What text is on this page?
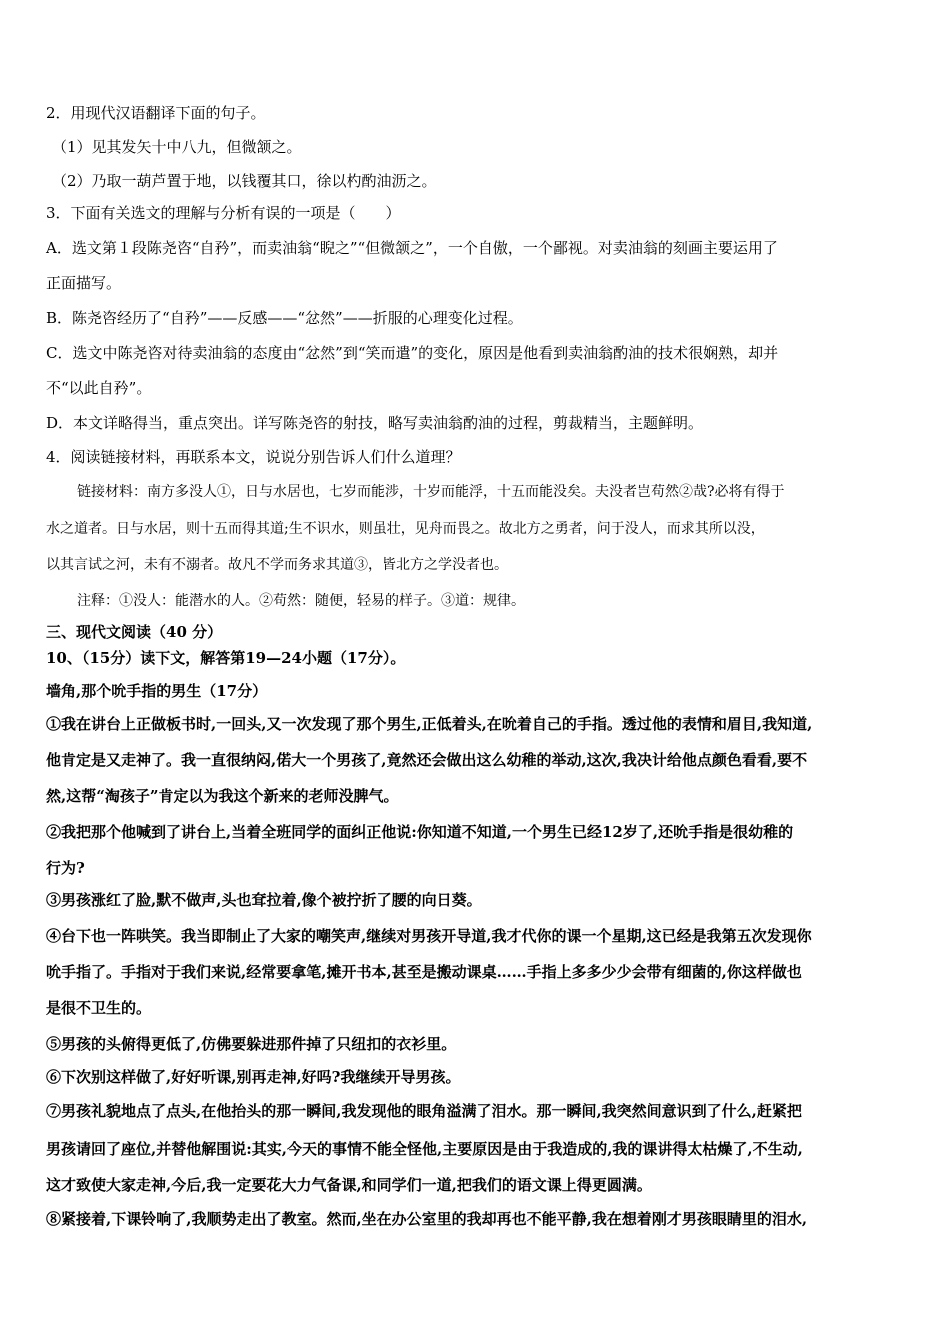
2．用现代汉语翻译下面的句子。
（1）见其发矢十中八九，但微颔之。
（2）乃取一葫芦置于地，以钱覆其口，徐以杓酌油沥之。
3．下面有关选文的理解与分析有误的一项是（　　）
A．选文第１段陈尧咨“自矜”，而卖油翁“睨之”“但微颔之”，一个自傲，一个鄙视。对卖油翁的刻画主要运用了
正面描写。
B．陈尧咨经历了“自矜”——反感——“忿然”——折服的心理变化过程。
C．选文中陈尧咨对待卖油翁的态度由“忿然”到“笑而遣”的变化，原因是他看到卖油翁酌油的技术很娴熟，却并
不“以此自矜”。
D．本文详略得当，重点突出。详写陈尧咨的射技，略写卖油翁酌油的过程，剪裁精当，主题鲜明。
4．阅读链接材料，再联系本文，说说分别告诉人们什么道理？
链接材料：南方多没人①，日与水居也，七岁而能涉，十岁而能浮，十五而能没矣。夫没者岂苟然②哉?必将有得于
水之道者。日与水居，则十五而得其道;生不识水，则虽壮，见舟而畏之。故北方之勇者，问于没人，而求其所以没，
以其言试之河，未有不溺者。故凡不学而务求其道③，皆北方之学没者也。
注释：①没人：能潜水的人。②苟然：随便，轻易的样子。③道：规律。
三、现代文阅读（40 分）
10、（15分）读下文，解答第19—24小题（17分）。
墙角,那个吮手指的男生（17分）
①我在讲台上正做板书时,一回头,又一次发现了那个男生,正低着头,在吮着自己的手指。透过他的表情和眉目,我知道,
他肯定是又走神了。我一直很纳闷,偌大一个男孩了,竟然还会做出这么幼稚的举动,这次,我决计给他点颜色看看,要不
然,这帮“淘孩子”肯定以为我这个新来的老师没脾气。
②我把那个他喊到了讲台上,当着全班同学的面纠正他说:你知道不知道,一个男生已经12岁了,还吮手指是很幼稚的
行为?
③男孩涨红了脸,默不做声,头也耷拉着,像个被拧折了腰的向日葵。
④台下也一阵哄笑。我当即制止了大家的嘲笑声,继续对男孩开导道,我才代你的课一个星期,这已经是我第五次发现你
吮手指了。手指对于我们来说,经常要拿笔,摊开书本,甚至是搬动课桌……手指上多多少少会带有细菌的,你这样做也
是很不卫生的。
⑤男孩的头俯得更低了,仿佛要躲进那件掉了只纽扣的衣衫里。
⑥下次别这样做了,好好听课,别再走神,好吗?我继续开导男孩。
⑦男孩礼貌地点了点头,在他抬头的那一瞬间,我发现他的眼角溢满了泪水。那一瞬间,我突然间意识到了什么,赶紧把
男孩请回了座位,并替他解围说:其实,今天的事情不能全怪他,主要原因是由于我造成的,我的课讲得太枯燥了,不生动,
这才致使大家走神,今后,我一定要花大力气备课,和同学们一道,把我们的语文课上得更圆满。
⑧紧接着,下课铃响了,我顺势走出了教室。然而,坐在办公室里的我却再也不能平静,我在想着刚才男孩眼睛里的泪水,
